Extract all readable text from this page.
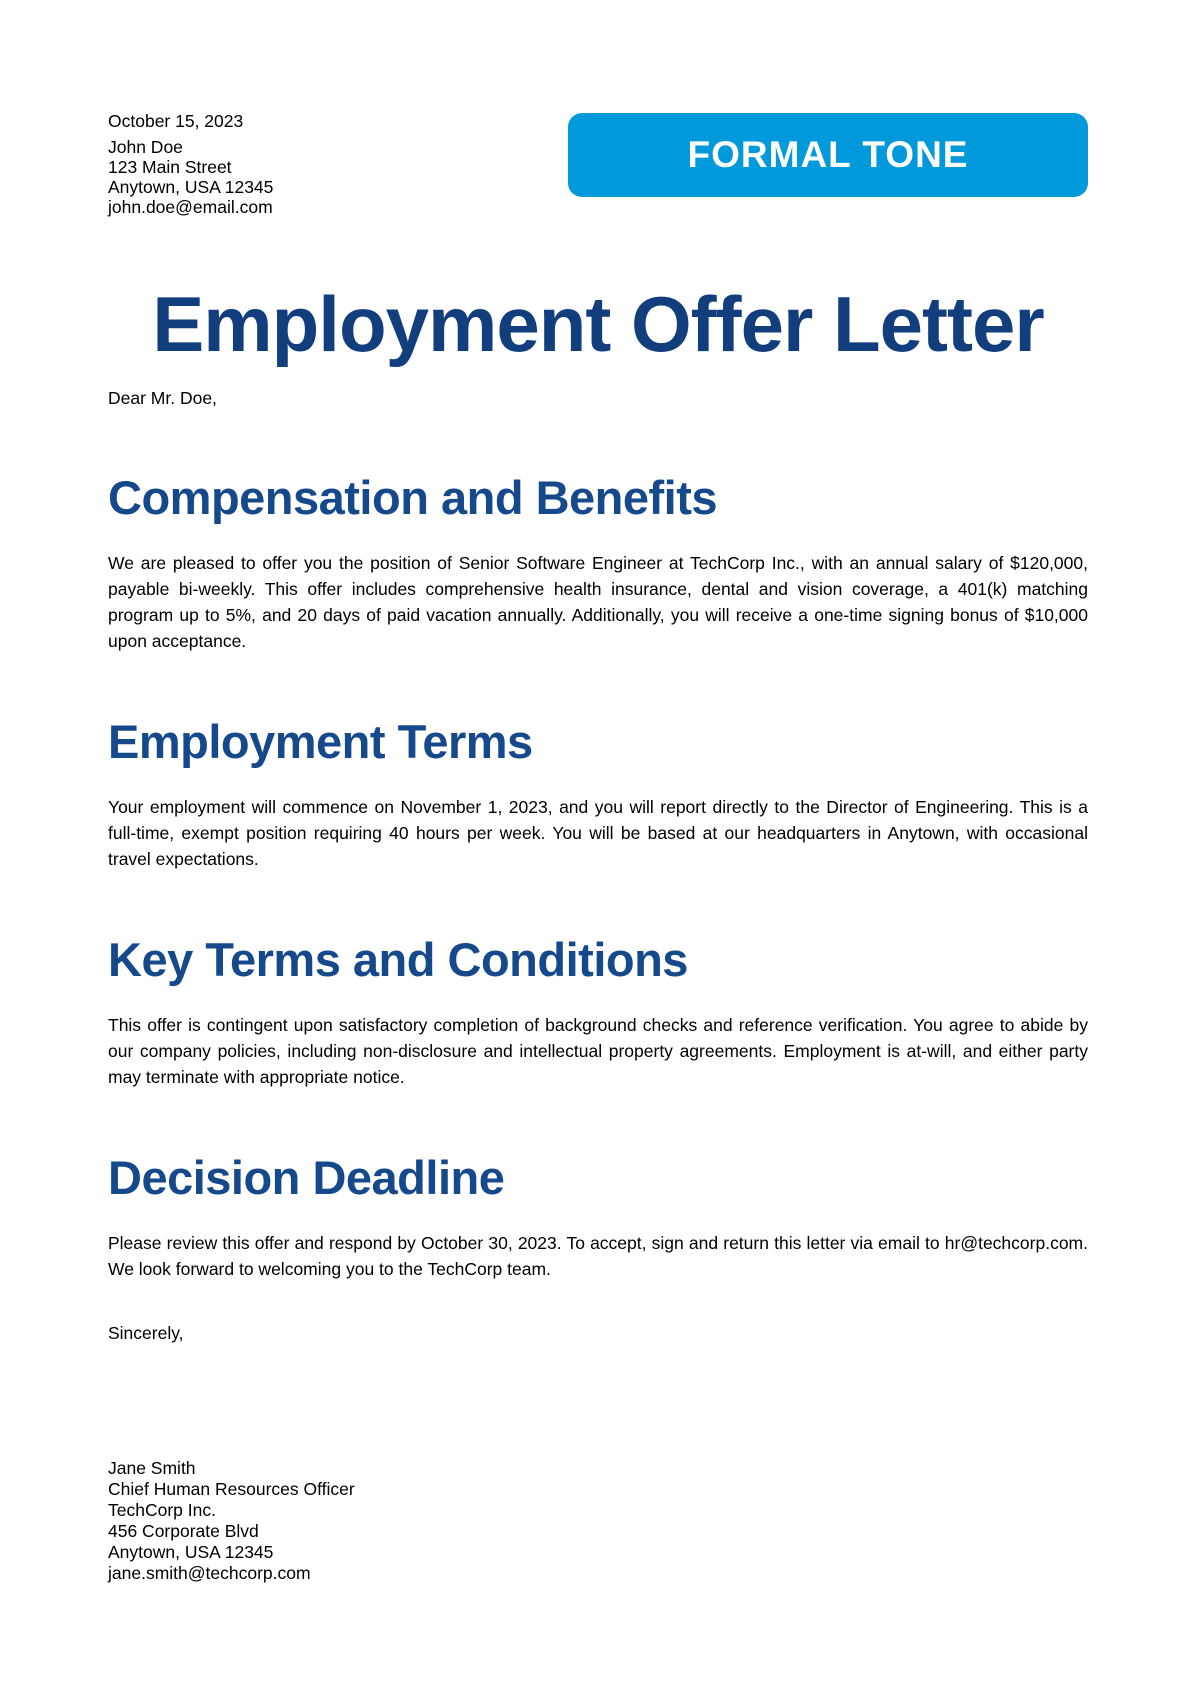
October 15, 2023
John Doe
123 Main Street
Anytown, USA 12345
john.doe@email.com
FORMAL TONE
Employment Offer Letter

Dear Mr. Doe,

Compensation and Benefits

We are pleased to offer you the position of Senior Software Engineer at TechCorp Inc., with an annual salary of $120,000, payable bi-weekly. This offer includes comprehensive health insurance, dental and vision coverage, a 401(k) matching program up to 5%, and 20 days of paid vacation annually. Additionally, you will receive a one-time signing bonus of $10,000 upon acceptance.

Employment Terms

Your employment will commence on November 1, 2023, and you will report directly to the Director of Engineering. This is a full-time, exempt position requiring 40 hours per week. You will be based at our headquarters in Anytown, with occasional travel expectations.

Key Terms and Conditions

This offer is contingent upon satisfactory completion of background checks and reference verification. You agree to abide by our company policies, including non-disclosure and intellectual property agreements. Employment is at-will, and either party may terminate with appropriate notice.

Decision Deadline

Please review this offer and respond by October 30, 2023. To accept, sign and return this letter via email to hr@techcorp.com. We look forward to welcoming you to the TechCorp team.

Sincerely,

Jane Smith
Chief Human Resources Officer
TechCorp Inc.
456 Corporate Blvd
Anytown, USA 12345
jane.smith@techcorp.com
